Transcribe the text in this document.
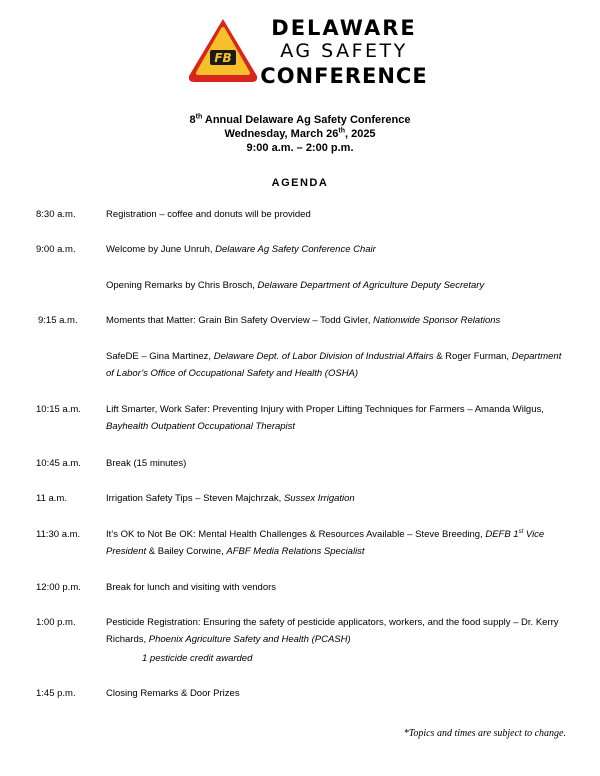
FB
DELAWARE
AG SAFETY
CONFERENCE
8th Annual Delaware Ag Safety Conference
Wednesday, March 26th, 2025
9:00 a.m. – 2:00 p.m.
AGENDA
8:30 a.m.	Registration – coffee and donuts will be provided
9:00 a.m.	Welcome by June Unruh, Delaware Ag Safety Conference Chair
Opening Remarks by Chris Brosch, Delaware Department of Agriculture Deputy Secretary
9:15 a.m.	Moments that Matter: Grain Bin Safety Overview – Todd Givler, Nationwide Sponsor Relations
SafeDE – Gina Martinez, Delaware Dept. of Labor Division of Industrial Affairs & Roger Furman, Department of Labor’s Office of Occupational Safety and Health (OSHA)
10:15 a.m.	Lift Smarter, Work Safer: Preventing Injury with Proper Lifting Techniques for Farmers – Amanda Wilgus, Bayhealth Outpatient Occupational Therapist
10:45 a.m.	Break (15 minutes)
11 a.m.	Irrigation Safety Tips – Steven Majchrzak, Sussex Irrigation
11:30 a.m.	It’s OK to Not Be OK: Mental Health Challenges & Resources Available – Steve Breeding, DEFB 1st Vice President & Bailey Corwine, AFBF Media Relations Specialist
12:00 p.m.	Break for lunch and visiting with vendors
1:00 p.m.	Pesticide Registration: Ensuring the safety of pesticide applicators, workers, and the food supply – Dr. Kerry Richards, Phoenix Agriculture Safety and Health (PCASH)
1 pesticide credit awarded
1:45 p.m.	Closing Remarks & Door Prizes
*Topics and times are subject to change.
